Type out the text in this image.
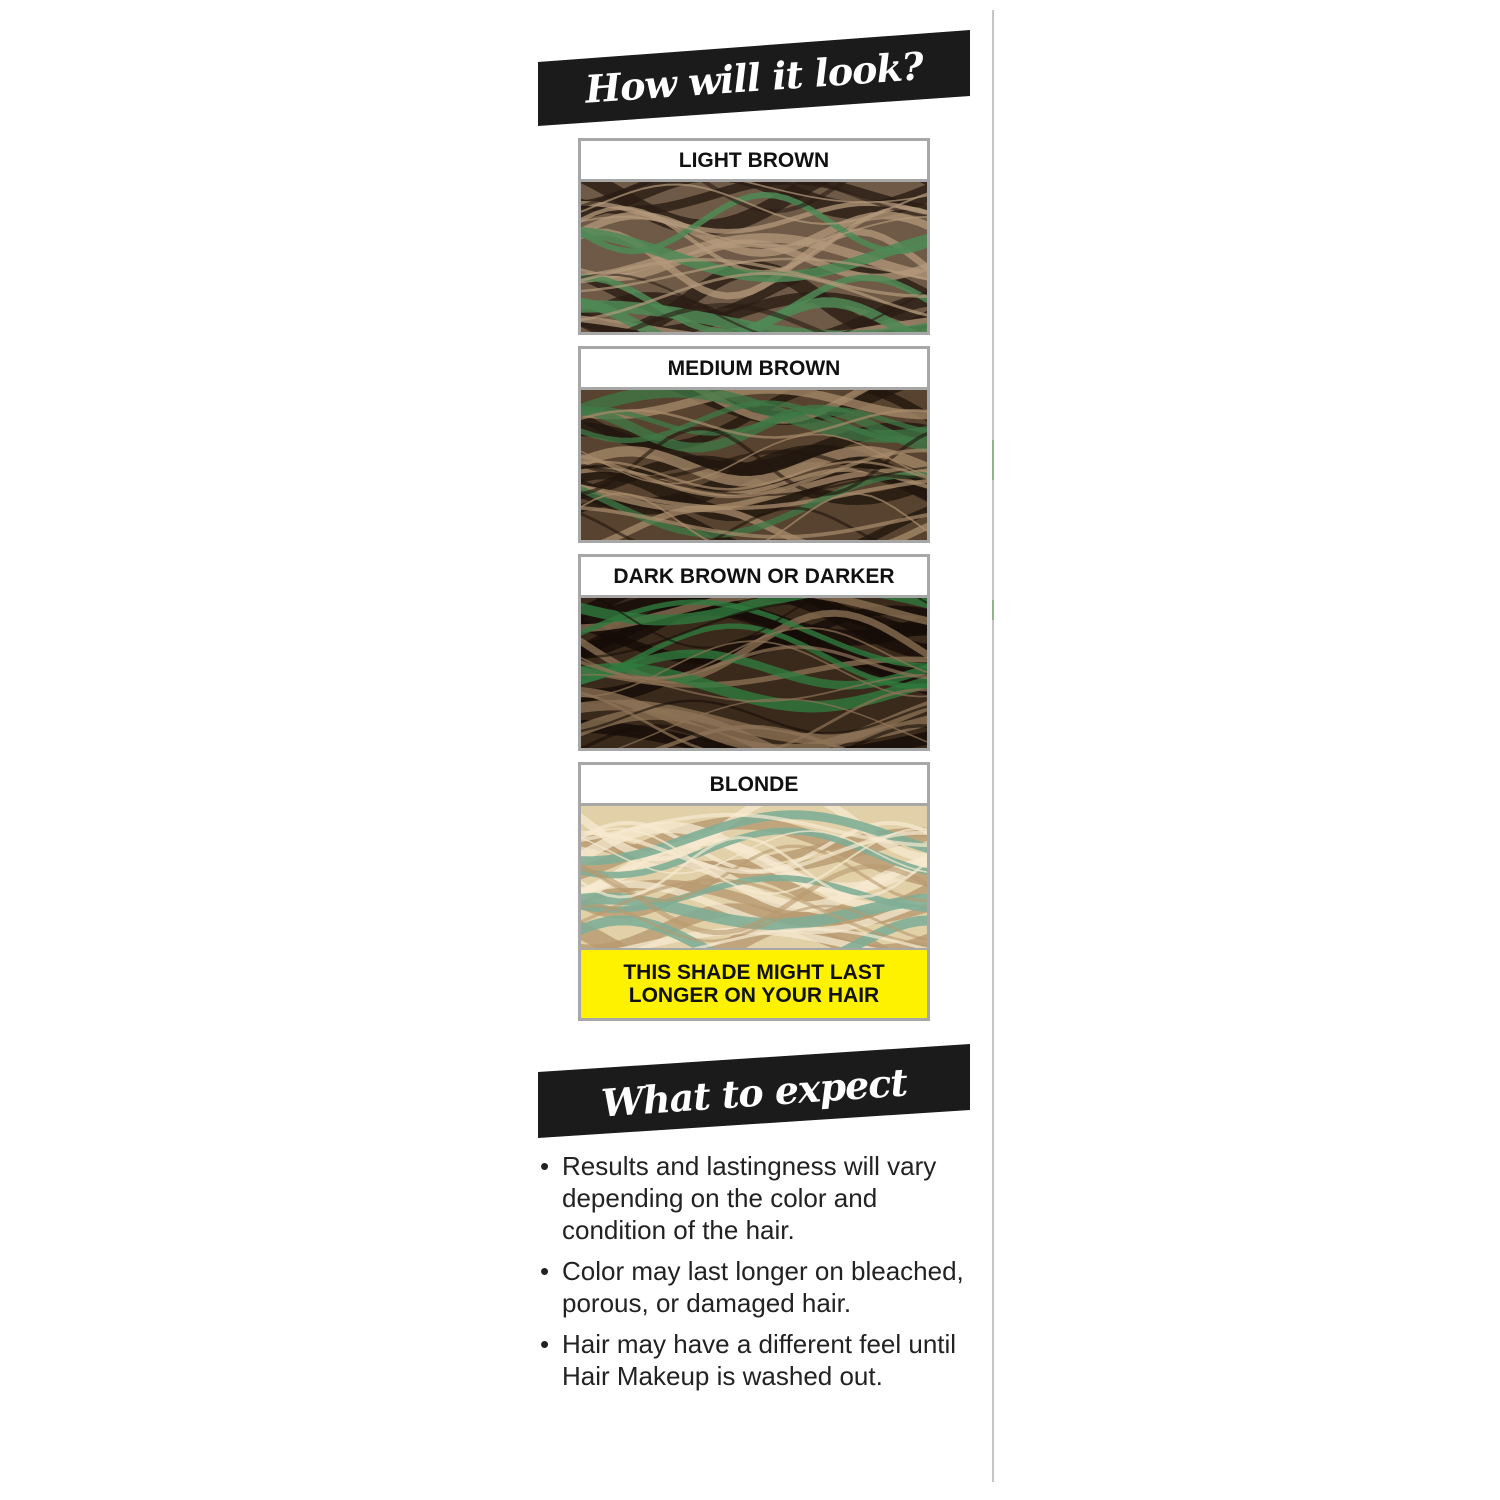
How will it look?
LIGHT BROWN
MEDIUM BROWN
DARK BROWN OR DARKER
BLONDE
THIS SHADE MIGHT LAST
LONGER ON YOUR HAIR
What to expect
• Results and lastingness will vary depending on the color and condition of the hair.
• Color may last longer on bleached, porous, or damaged hair.
• Hair may have a different feel until Hair Makeup is washed out.
